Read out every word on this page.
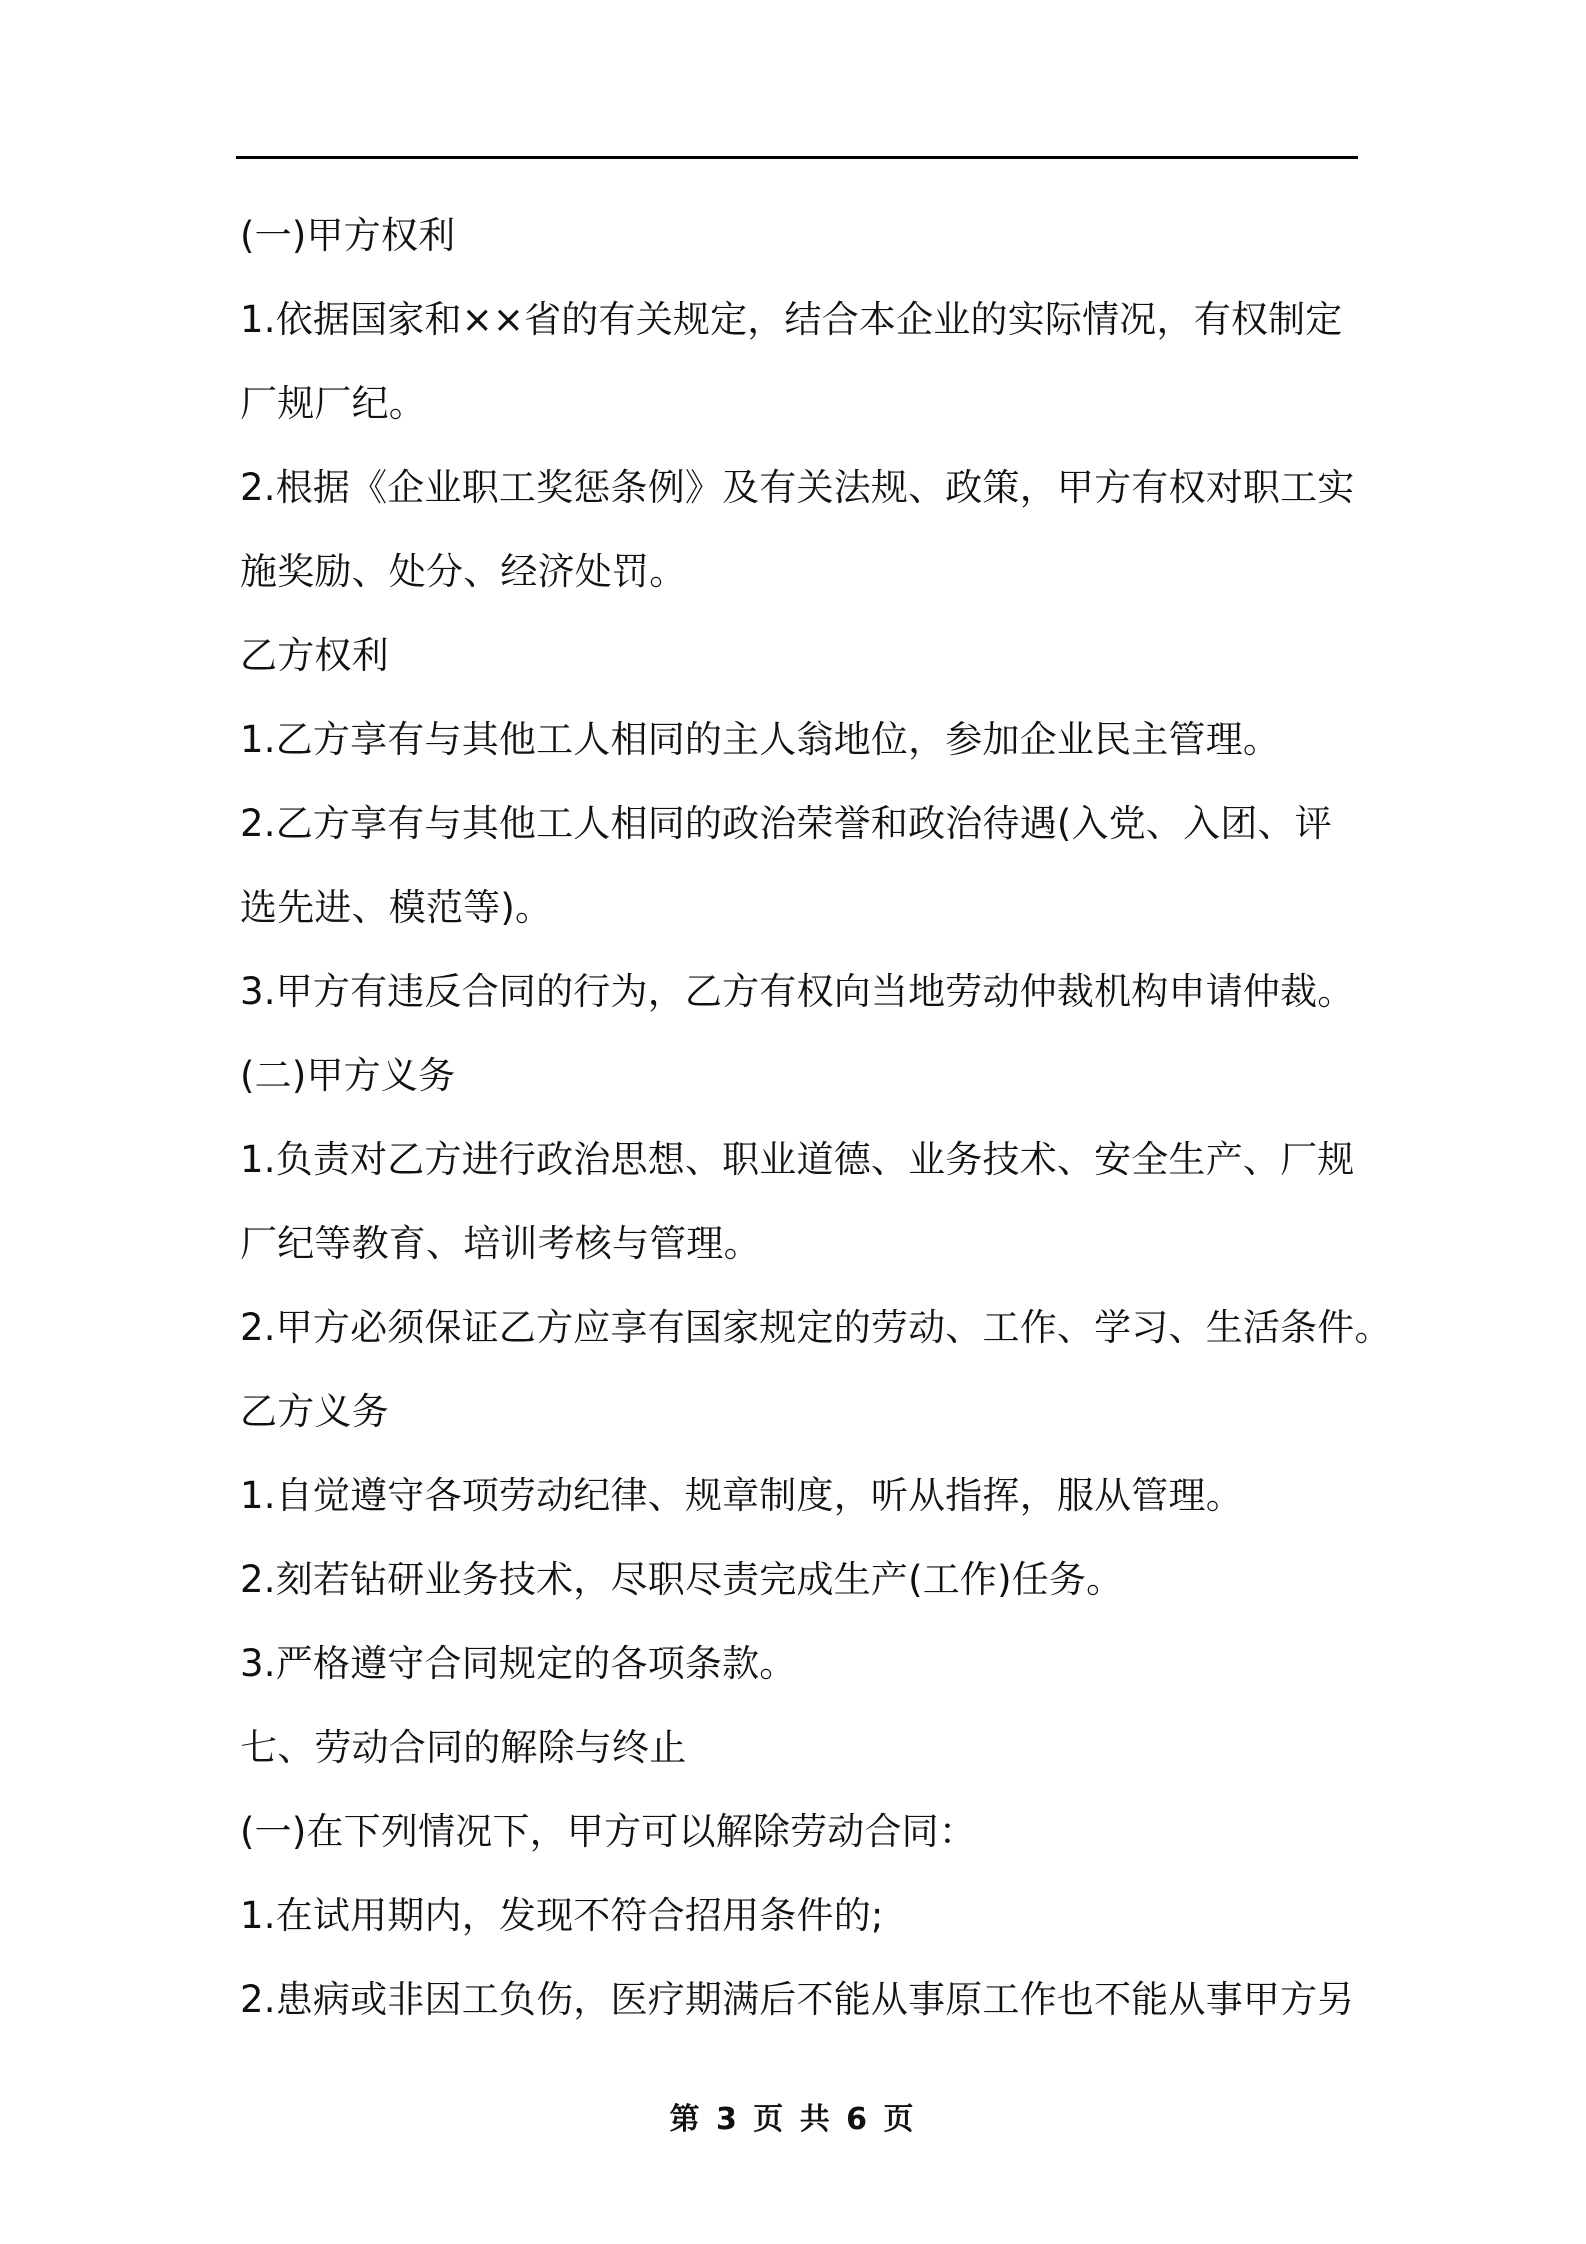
(一)甲方权利
1.依据国家和××省的有关规定，结合本企业的实际情况，有权制定
厂规厂纪。
2.根据《企业职工奖惩条例》及有关法规、政策，甲方有权对职工实
施奖励、处分、经济处罚。
乙方权利
1.乙方享有与其他工人相同的主人翁地位，参加企业民主管理。
2.乙方享有与其他工人相同的政治荣誉和政治待遇(入党、入团、评
选先进、模范等)。
3.甲方有违反合同的行为，乙方有权向当地劳动仲裁机构申请仲裁。
(二)甲方义务
1.负责对乙方进行政治思想、职业道德、业务技术、安全生产、厂规
厂纪等教育、培训考核与管理。
2.甲方必须保证乙方应享有国家规定的劳动、工作、学习、生活条件。
乙方义务
1.自觉遵守各项劳动纪律、规章制度，听从指挥，服从管理。
2.刻若钻研业务技术，尽职尽责完成生产(工作)任务。
3.严格遵守合同规定的各项条款。
七、劳动合同的解除与终止
(一)在下列情况下，甲方可以解除劳动合同：
1.在试用期内，发现不符合招用条件的;
2.患病或非因工负伤，医疗期满后不能从事原工作也不能从事甲方另
第 3 页 共 6 页
